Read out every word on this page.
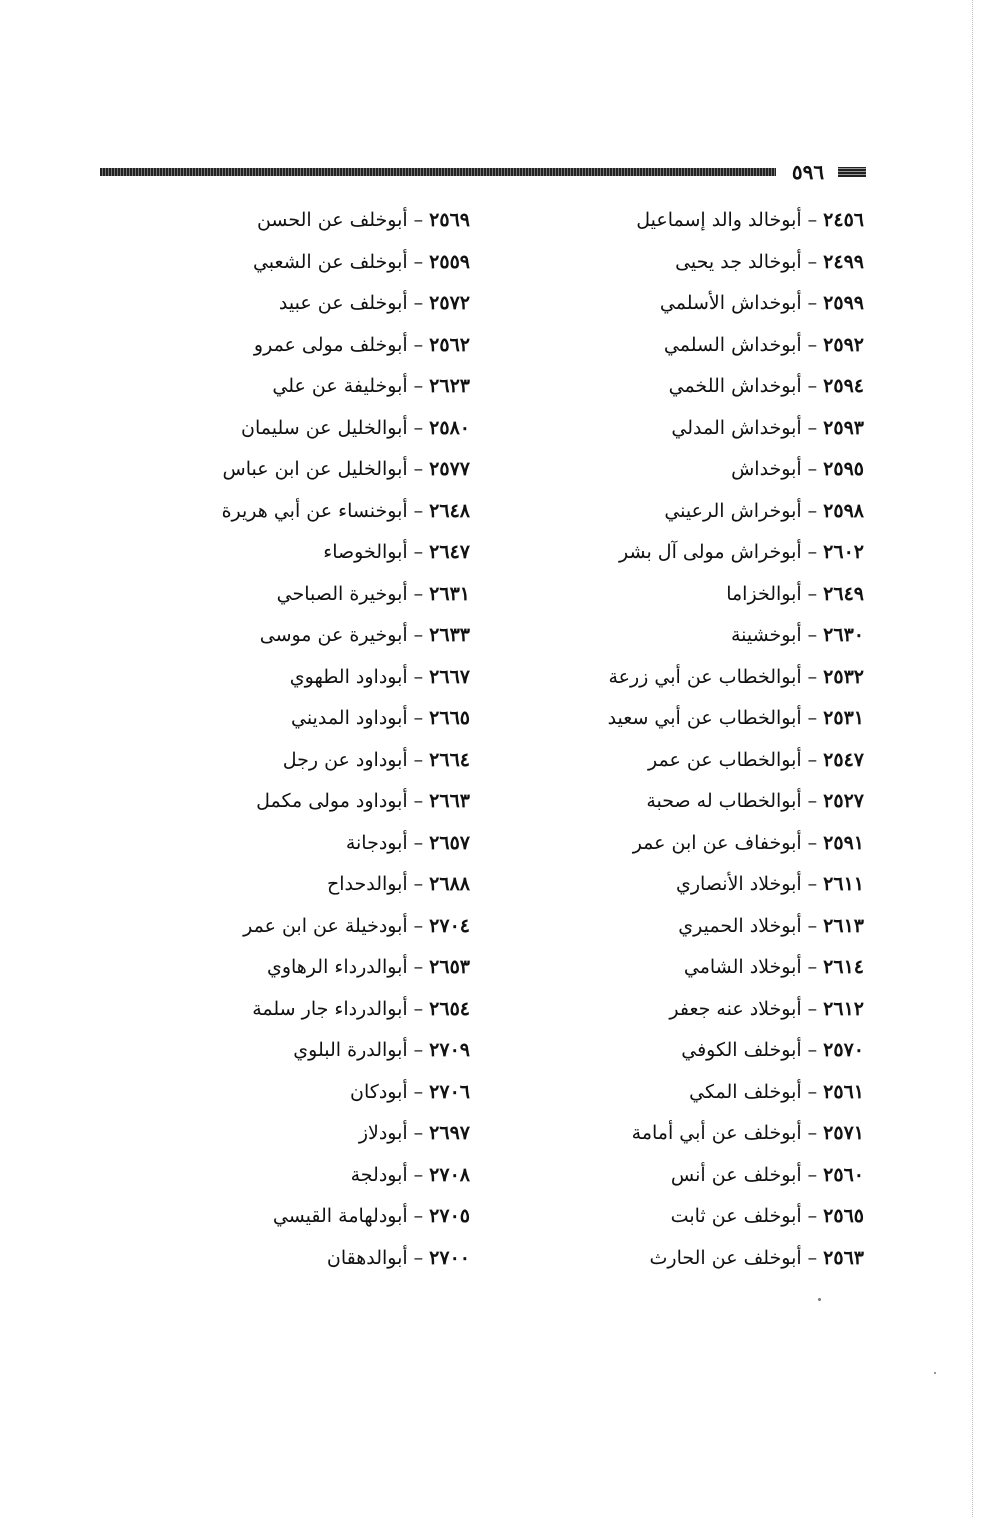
٥٩٦
٢٤٥٦–أبوخالد والد إسماعيل
٢٤٩٩–أبوخالد جد يحيى
٢٥٩٩–أبوخداش الأسلمي
٢٥٩٢–أبوخداش السلمي
٢٥٩٤–أبوخداش اللخمي
٢٥٩٣–أبوخداش المدلي
٢٥٩٥–أبوخداش
٢٥٩٨–أبوخراش الرعيني
٢٦٠٢–أبوخراش مولى آل بشر
٢٦٤٩–أبوالخزاما
٢٦٣٠–أبوخشينة
٢٥٣٢–أبوالخطاب عن أبي زرعة
٢٥٣١–أبوالخطاب عن أبي سعيد
٢٥٤٧–أبوالخطاب عن عمر
٢٥٢٧–أبوالخطاب له صحبة
٢٥٩١–أبوخفاف عن ابن عمر
٢٦١١–أبوخلاد الأنصاري
٢٦١٣–أبوخلاد الحميري
٢٦١٤–أبوخلاد الشامي
٢٦١٢–أبوخلاد عنه جعفر
٢٥٧٠–أبوخلف الكوفي
٢٥٦١–أبوخلف المكي
٢٥٧١–أبوخلف عن أبي أمامة
٢٥٦٠–أبوخلف عن أنس
٢٥٦٥–أبوخلف عن ثابت
٢٥٦٣–أبوخلف عن الحارث
٢٥٦٩–أبوخلف عن الحسن
٢٥٥٩–أبوخلف عن الشعبي
٢٥٧٢–أبوخلف عن عبيد
٢٥٦٢–أبوخلف مولى عمرو
٢٦٢٣–أبوخليفة عن علي
٢٥٨٠–أبوالخليل عن سليمان
٢٥٧٧–أبوالخليل عن ابن عباس
٢٦٤٨–أبوخنساء عن أبي هريرة
٢٦٤٧–أبوالخوصاء
٢٦٣١–أبوخيرة الصباحي
٢٦٣٣–أبوخيرة عن موسى
٢٦٦٧–أبوداود الطهوي
٢٦٦٥–أبوداود المديني
٢٦٦٤–أبوداود عن رجل
٢٦٦٣–أبوداود مولى مكمل
٢٦٥٧–أبودجانة
٢٦٨٨–أبوالدحداح
٢٧٠٤–أبودخيلة عن ابن عمر
٢٦٥٣–أبوالدرداء الرهاوي
٢٦٥٤–أبوالدرداء جار سلمة
٢٧٠٩–أبوالدرة البلوي
٢٧٠٦–أبودكان
٢٦٩٧–أبودلاز
٢٧٠٨–أبودلجة
٢٧٠٥–أبودلهامة القيسي
٢٧٠٠–أبوالدهقان
